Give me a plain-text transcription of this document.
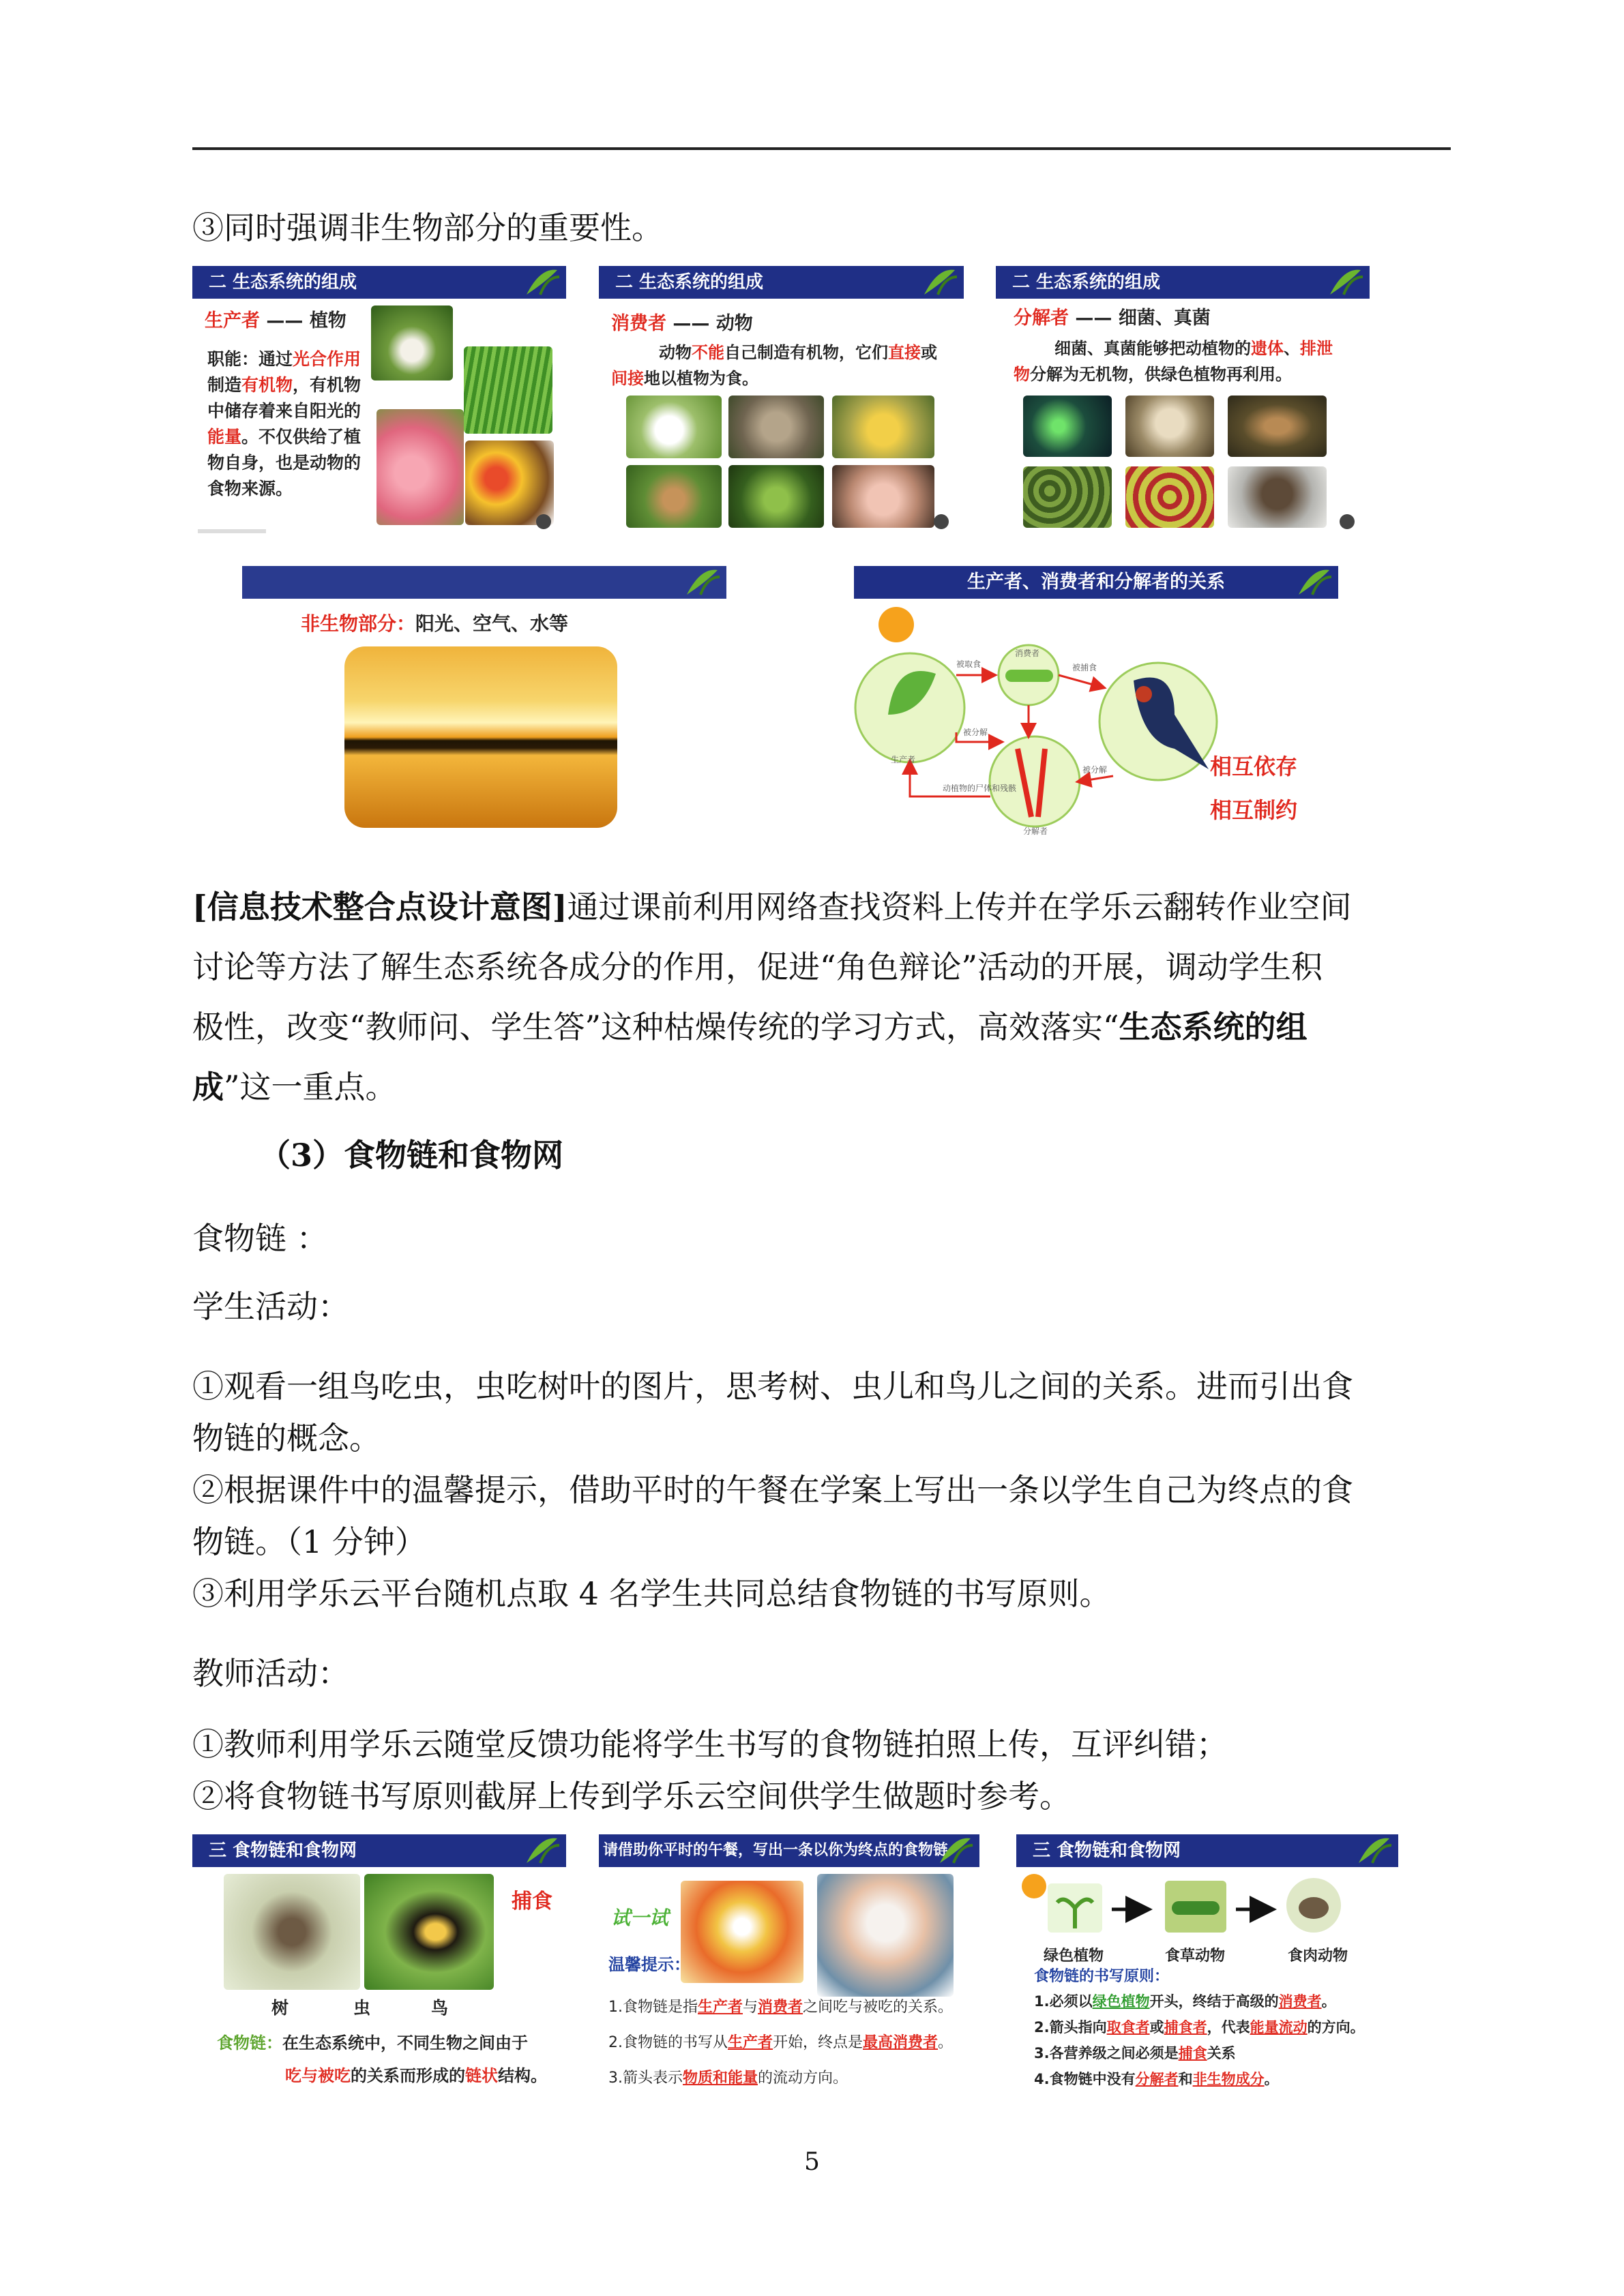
③同时强调非生物部分的重要性。
二 生态系统的组成
生产者 —— 植物
职能：通过光合作用
制造有机物，有机物
中储存着来自阳光的
能量。不仅供给了植
物自身，也是动物的
食物来源。
二 生态系统的组成
消费者 —— 动物
动物不能自己制造有机物，它们直接或
间接地以植物为食。
二 生态系统的组成
分解者 —— 细菌、真菌
细菌、真菌能够把动植物的遗体、排泄
物分解为无机物，供绿色植物再利用。
非生物部分：阳光、空气、水等
生产者、消费者和分解者的关系
生产者
消费者
分解者
被取食	被捕食
被分解
动植物的尸体和残骸
被分解	相互依存
相互制约
[信息技术整合点设计意图]通过课前利用网络查找资料上传并在学乐云翻转作业空间
讨论等方法了解生态系统各成分的作用，促进“角色辩论”活动的开展，调动学生积
极性，改变“教师问、学生答”这种枯燥传统的学习方式，高效落实“生态系统的组
成”这一重点。
（3）食物链和食物网
食物链 ：
学生活动：
①观看一组鸟吃虫，虫吃树叶的图片，思考树、虫儿和鸟儿之间的关系。进而引出食
物链的概念。
②根据课件中的温馨提示，借助平时的午餐在学案上写出一条以学生自己为终点的食
物链。（1 分钟）
③利用学乐云平台随机点取 4 名学生共同总结食物链的书写原则。
教师活动：
①教师利用学乐云随堂反馈功能将学生书写的食物链拍照上传，互评纠错；
②将食物链书写原则截屏上传到学乐云空间供学生做题时参考。
三 食物链和食物网
捕食
树	虫	鸟
食物链：在生态系统中，不同生物之间由于
吃与被吃的关系而形成的链状结构。
请借助你平时的午餐，写出一条以你为终点的食物链
试一试
温馨提示：
1.食物链是指生产者与消费者之间吃与被吃的关系。
2.食物链的书写从生产者开始，终点是最高消费者。
3.箭头表示物质和能量的流动方向。
三 食物链和食物网
绿色植物	食草动物	食肉动物
食物链的书写原则：
1.必须以绿色植物开头，终结于高级的消费者。
2.箭头指向取食者或捕食者，代表能量流动的方向。
3.各营养级之间必须是捕食关系
4.食物链中没有分解者和非生物成分。
5
